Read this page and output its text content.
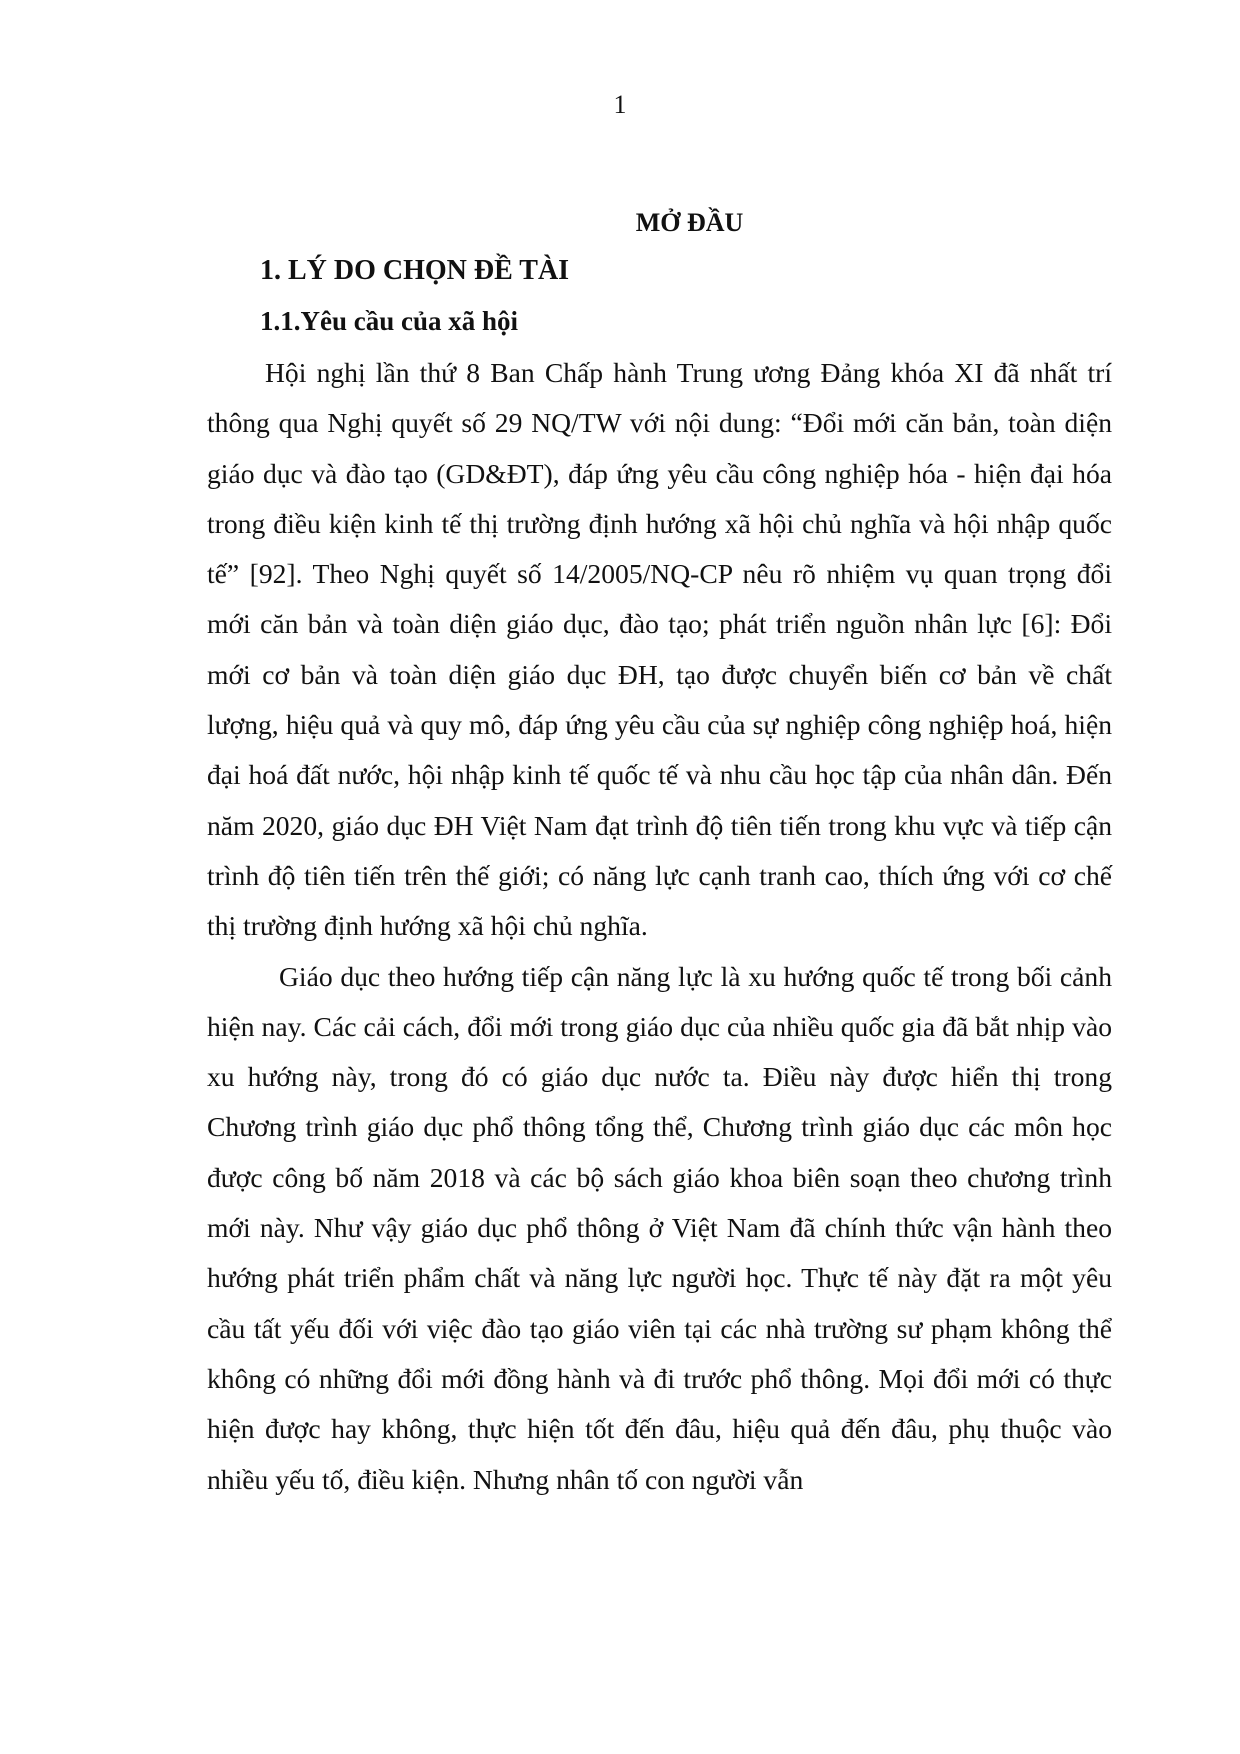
1
MỞ ĐẦU
1. LÝ DO CHỌN ĐỀ TÀI
1.1.Yêu cầu của xã hội

Hội nghị lần thứ 8 Ban Chấp hành Trung ương Đảng khóa XI đã nhất trí thông qua Nghị quyết số 29 NQ/TW với nội dung: “Đổi mới căn bản, toàn diện giáo dục và đào tạo (GD&ĐT), đáp ứng yêu cầu công nghiệp hóa - hiện đại hóa trong điều kiện kinh tế thị trường định hướng xã hội chủ nghĩa và hội nhập quốc tế” [92]. Theo Nghị quyết số 14/2005/NQ-CP nêu rõ nhiệm vụ quan trọng đổi mới căn bản và toàn diện giáo dục, đào tạo; phát triển nguồn nhân lực [6]: Đổi mới cơ bản và toàn diện giáo dục ĐH, tạo được chuyển biến cơ bản về chất lượng, hiệu quả và quy mô, đáp ứng yêu cầu của sự nghiệp công nghiệp hoá, hiện đại hoá đất nước, hội nhập kinh tế quốc tế và nhu cầu học tập của nhân dân. Đến năm 2020, giáo dục ĐH Việt Nam đạt trình độ tiên tiến trong khu vực và tiếp cận trình độ tiên tiến trên thế giới; có năng lực cạnh tranh cao, thích ứng với cơ chế thị trường định hướng xã hội chủ nghĩa.

Giáo dục theo hướng tiếp cận năng lực là xu hướng quốc tế trong bối cảnh hiện nay. Các cải cách, đổi mới trong giáo dục của nhiều quốc gia đã bắt nhịp vào xu hướng này, trong đó có giáo dục nước ta. Điều này được hiển thị trong Chương trình giáo dục phổ thông tổng thể, Chương trình giáo dục các môn học được công bố năm 2018 và các bộ sách giáo khoa biên soạn theo chương trình mới này. Như vậy giáo dục phổ thông ở Việt Nam đã chính thức vận hành theo hướng phát triển phẩm chất và năng lực người học. Thực tế này đặt ra một yêu cầu tất yếu đối với việc đào tạo giáo viên tại các nhà trường sư phạm không thể không có những đổi mới đồng hành và đi trước phổ thông. Mọi đổi mới có thực hiện được hay không, thực hiện tốt đến đâu, hiệu quả đến đâu, phụ thuộc vào nhiều yếu tố, điều kiện. Nhưng nhân tố con người vẫn
